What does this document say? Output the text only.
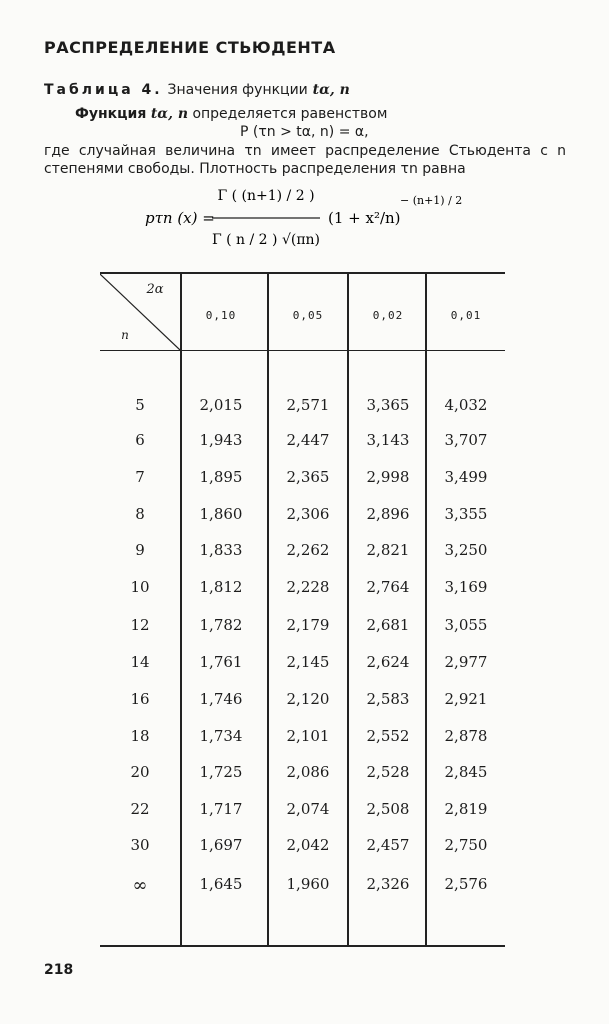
РАСПРЕДЕЛЕНИЕ СТЬЮДЕНТА
Таблица 4. Значения функции tα, n
Функция tα, n определяется равенством
P (τn > tα, n) = α,
где случайная величина τn имеет распределение Стьюдента с n
степенями свободы. Плотность распределения τn равна
pτn (x) =
Γ ( (n+1) / 2 )
Γ ( n / 2 ) √(πn)
(1 + x²/n)
− (n+1) / 2
2α
n
0,10	0,05	0,02	0,01
5	2,015	2,571	3,365	4,032
6	1,943	2,447	3,143	3,707
7	1,895	2,365	2,998	3,499
8	1,860	2,306	2,896	3,355
9	1,833	2,262	2,821	3,250
10	1,812	2,228	2,764	3,169
12	1,782	2,179	2,681	3,055
14	1,761	2,145	2,624	2,977
16	1,746	2,120	2,583	2,921
18	1,734	2,101	2,552	2,878
20	1,725	2,086	2,528	2,845
22	1,717	2,074	2,508	2,819
30	1,697	2,042	2,457	2,750
∞	1,645	1,960	2,326	2,576
218
